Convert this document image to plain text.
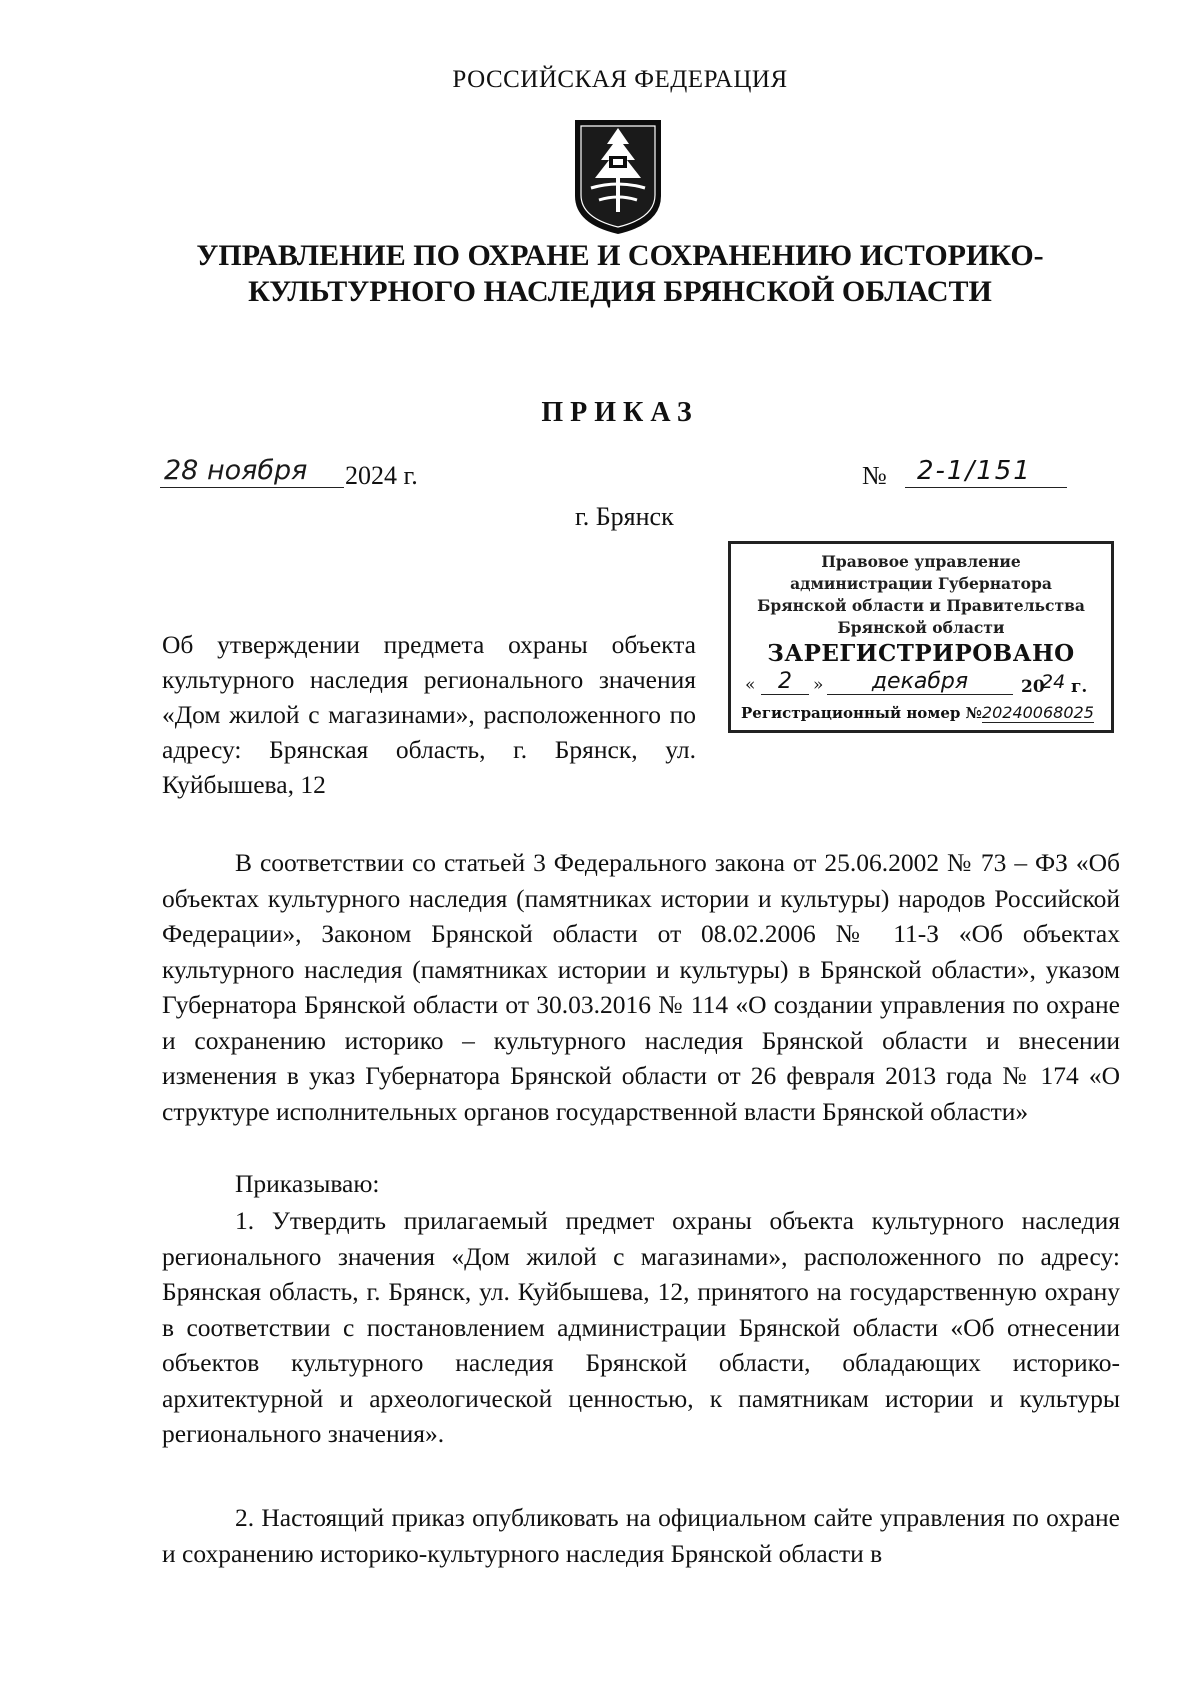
РОССИЙСКАЯ ФЕДЕРАЦИЯ
УПРАВЛЕНИЕ ПО ОХРАНЕ И СОХРАНЕНИЮ ИСТОРИКО-
КУЛЬТУРНОГО НАСЛЕДИЯ БРЯНСКОЙ ОБЛАСТИ
ПРИКАЗ
28 ноября	2024 г.	№	2-1/151
г. Брянск
Правовое управление
администрации Губернатора
Брянской области и Правительства
Брянской области
ЗАРЕГИСТРИРОВАНО
«	2	»	декабря	20
24 г.
Регистрационный номер №20240068025
Об утверждении предмета охраны объекта культурного наследия регионального значения «Дом жилой с магазинами», расположенного по адресу: Брянская область, г. Брянск, ул. Куйбышева, 12
В соответствии со статьей 3 Федерального закона от 25.06.2002 № 73 – ФЗ «Об объектах культурного наследия (памятниках истории и культуры) народов Российской Федерации», Законом Брянской области от 08.02.2006 № 11-З «Об объектах культурного наследия (памятниках истории и культуры) в Брянской области», указом Губернатора Брянской области от 30.03.2016 № 114 «О создании управления по охране и сохранению историко – культурного наследия Брянской области и внесении изменения в указ Губернатора Брянской области от 26 февраля 2013 года № 174 «О структуре исполнительных органов государственной власти Брянской области»
Приказываю:
1. Утвердить прилагаемый предмет охраны объекта культурного наследия регионального значения «Дом жилой с магазинами», расположенного по адресу: Брянская область, г. Брянск, ул. Куйбышева, 12, принятого на государственную охрану в соответствии с постановлением администрации Брянской области «Об отнесении объектов культурного наследия Брянской области, обладающих историко-архитектурной и археологической ценностью, к памятникам истории и культуры регионального значения».
2. Настоящий приказ опубликовать на официальном сайте управления по охране и сохранению историко-культурного наследия Брянской области в
